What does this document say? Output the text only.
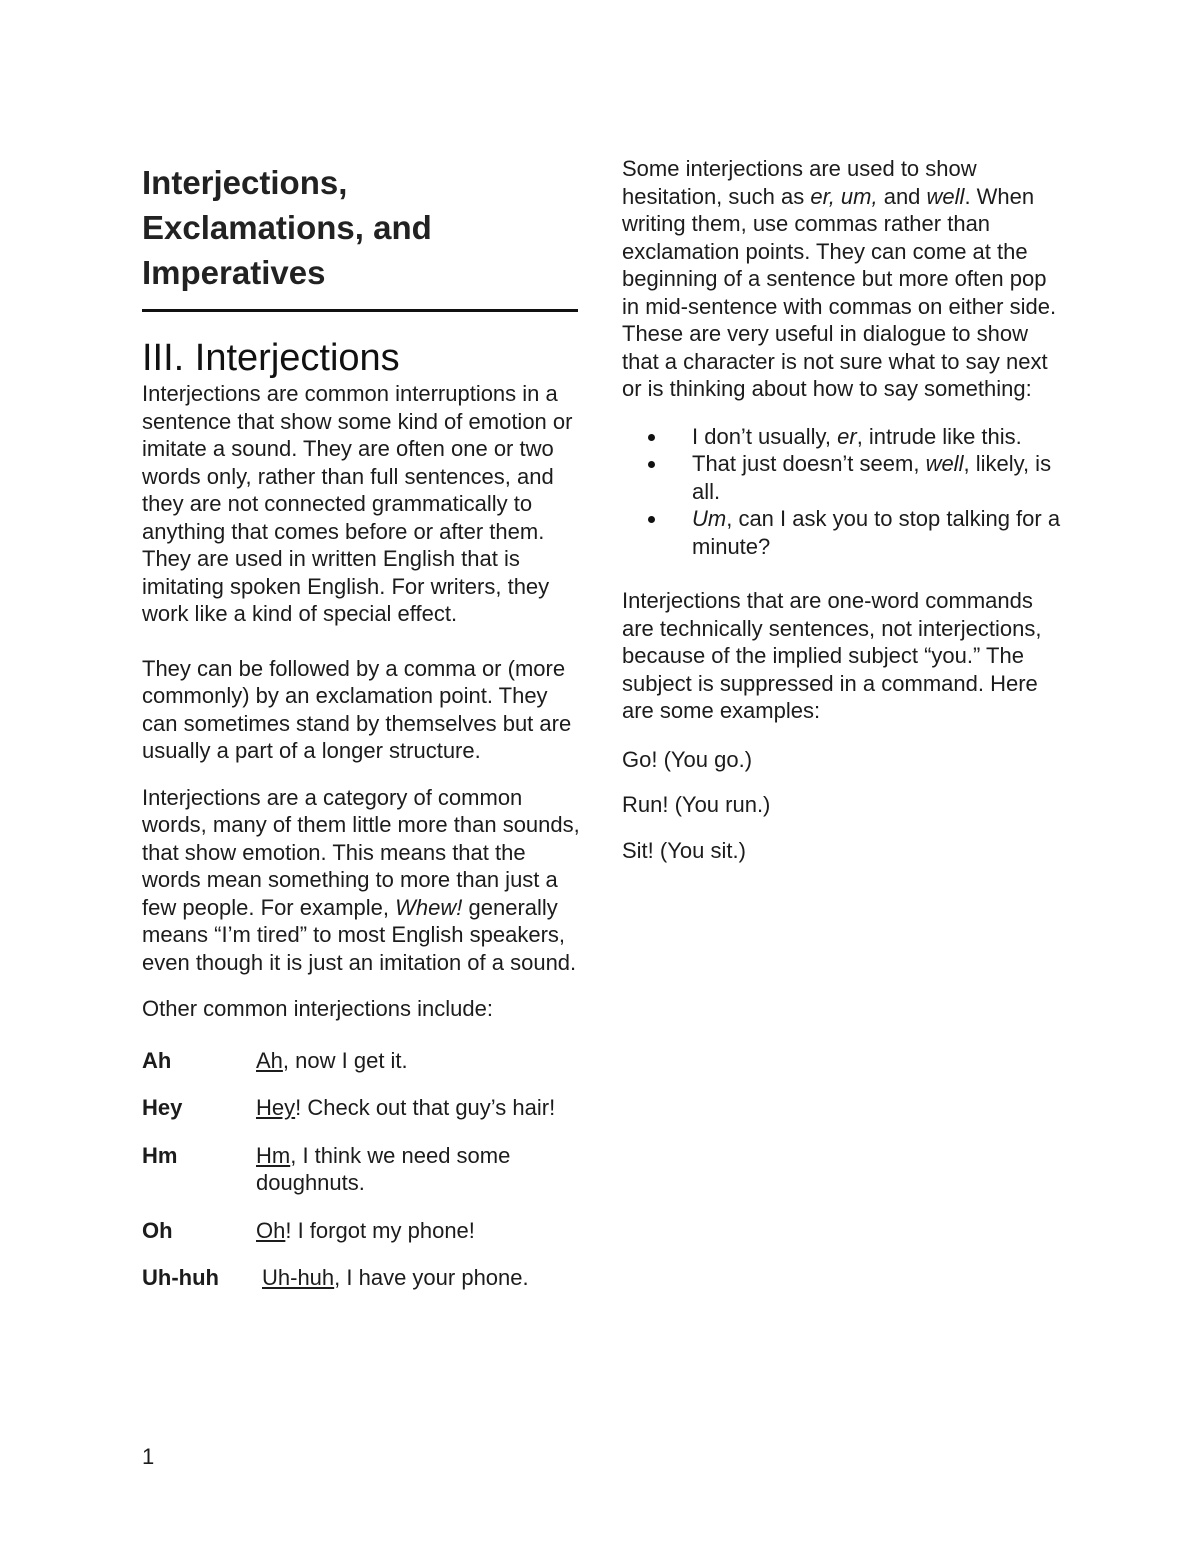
Interjections,
Exclamations, and
Imperatives
III. Interjections

Interjections are common interruptions in a sentence that show some kind of emotion or imitate a sound. They are often one or two words only, rather than full sentences, and they are not connected grammatically to anything that comes before or after them. They are used in written English that is imitating spoken English. For writers, they work like a kind of special effect.

They can be followed by a comma or (more commonly) by an exclamation point. They can sometimes stand by themselves but are usually a part of a longer structure.

Interjections are a category of common words, many of them little more than sounds, that show emotion. This means that the words mean something to more than just a few people. For example, Whew! generally means “I’m tired” to most English speakers, even though it is just an imitation of a sound.

Other common interjections include:

Ah	Ah, now I get it.
Hey	Hey! Check out that guy’s hair!
Hm	Hm, I think we need some doughnuts.
Oh	Oh! I forgot my phone!
Uh-huh	Uh-huh, I have your phone.

Some interjections are used to show hesitation, such as er, um, and well. When writing them, use commas rather than exclamation points. They can come at the beginning of a sentence but more often pop in mid-sentence with commas on either side. These are very useful in dialogue to show that a character is not sure what to say next or is thinking about how to say something:

I don’t usually, er, intrude like this.
That just doesn’t seem, well, likely, is all.
Um, can I ask you to stop talking for a minute?

Interjections that are one-word commands are technically sentences, not interjections, because of the implied subject “you.” The subject is suppressed in a command. Here are some examples:

Go! (You go.)

Run! (You run.)

Sit! (You sit.)

1
